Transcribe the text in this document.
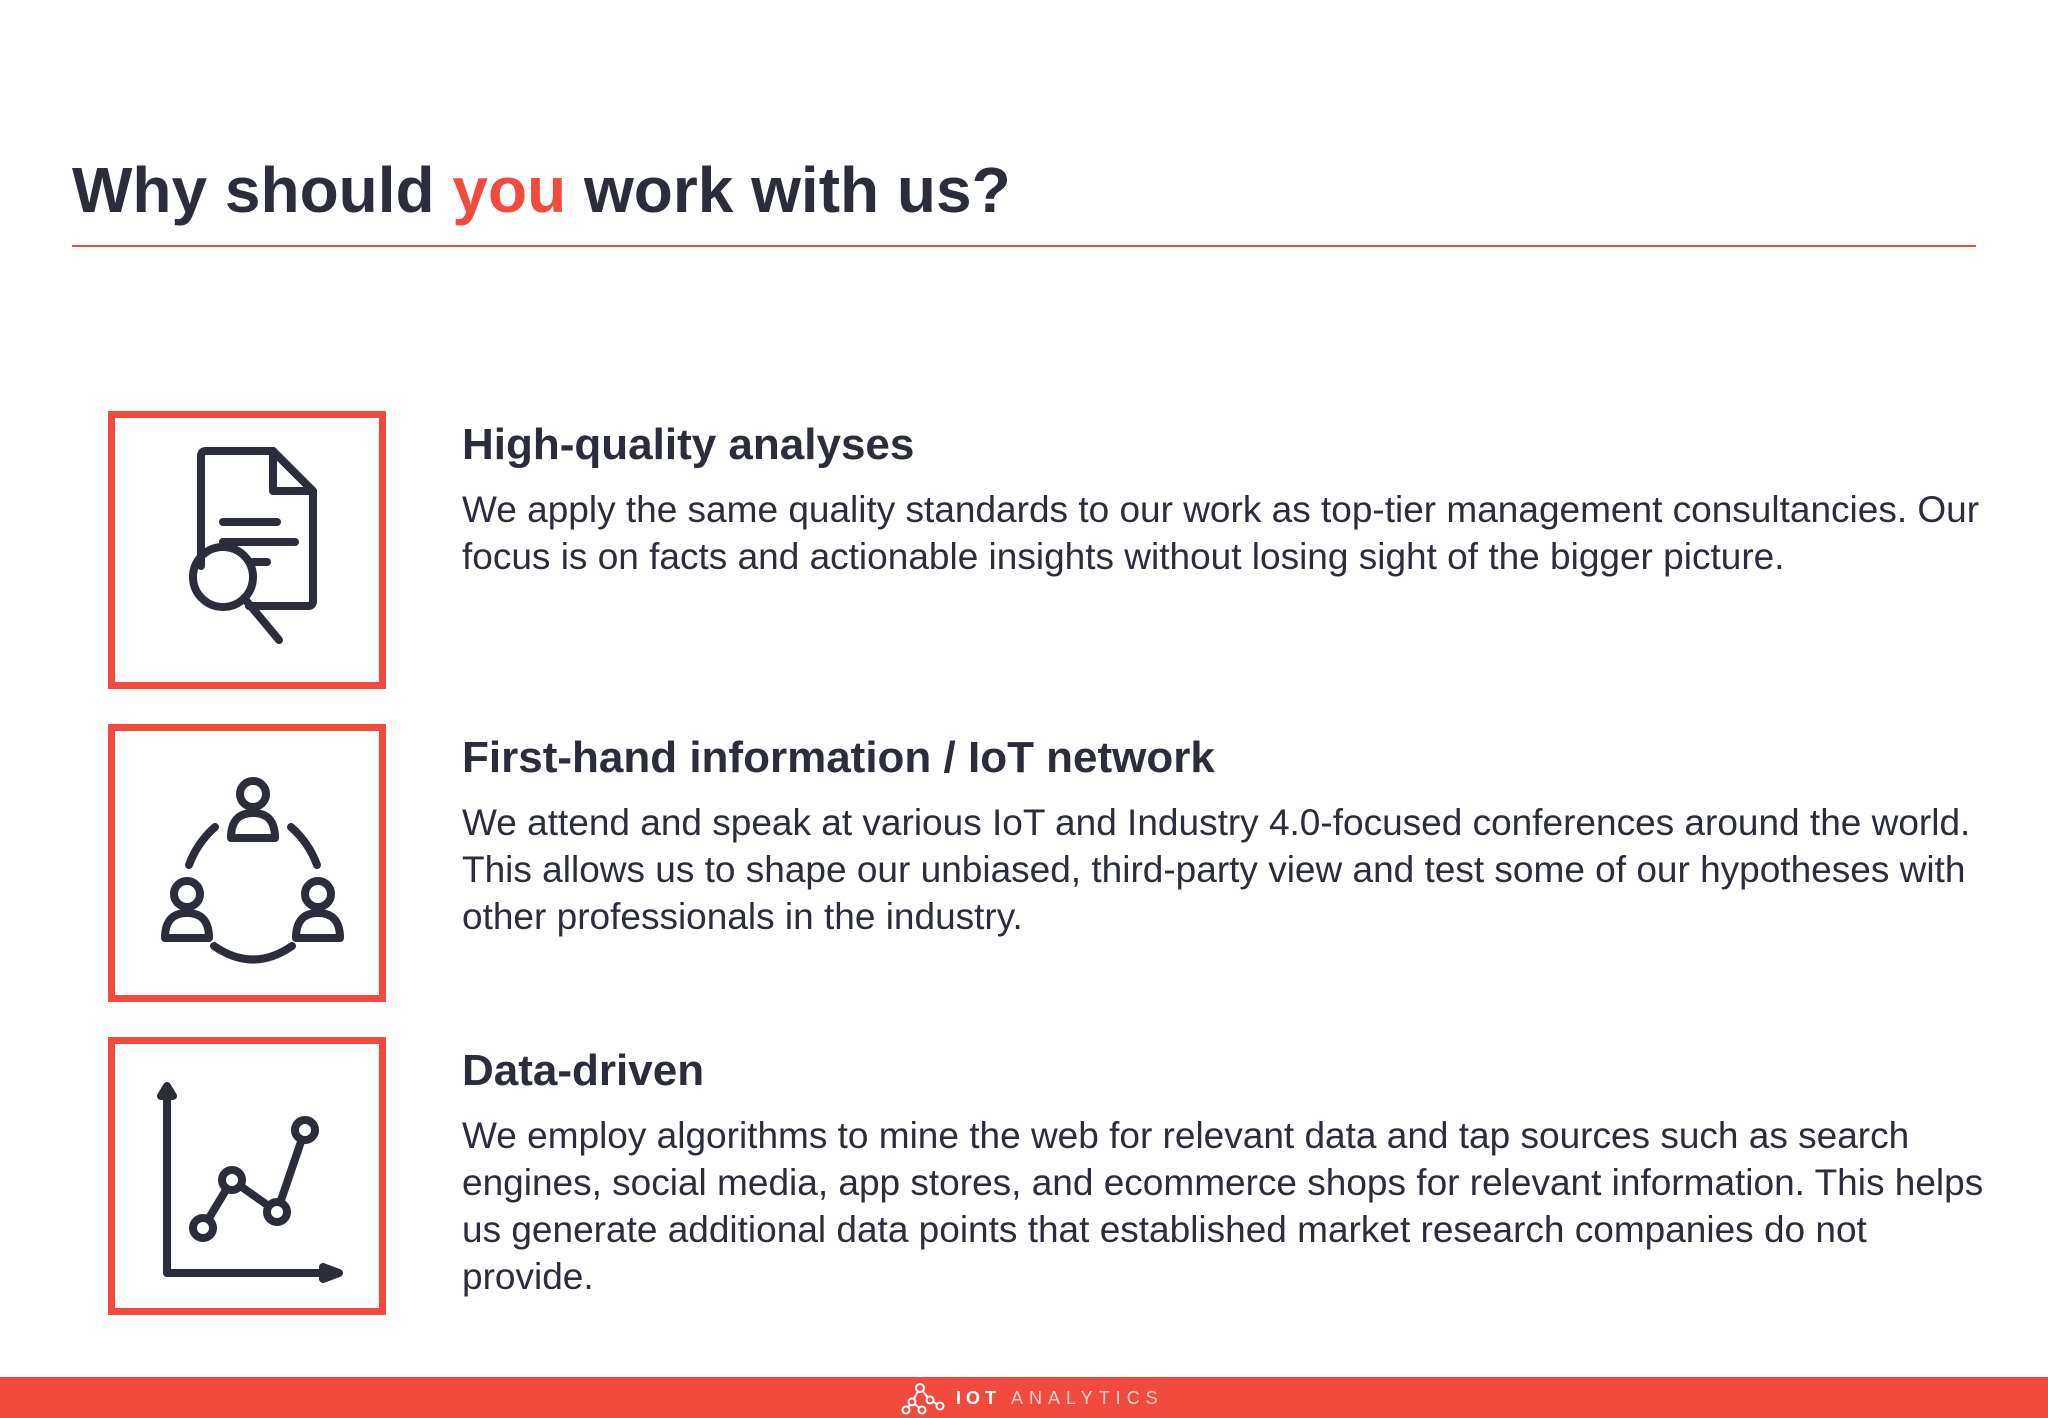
Why should you work with us?
High-quality analyses

We apply the same quality standards to our work as top-tier management consultancies. Our focus is on facts and actionable insights without losing sight of the bigger picture.

First-hand information / IoT network

We attend and speak at various IoT and Industry 4.0-focused conferences around the world. This allows us to shape our unbiased, third-party view and test some of our hypotheses with other professionals in the industry.

Data-driven

We employ algorithms to mine the web for relevant data and tap sources such as search engines, social media, app stores, and ecommerce shops for relevant information. This helps us generate additional data points that established market research companies do not provide.

IOT ANALYTICS
